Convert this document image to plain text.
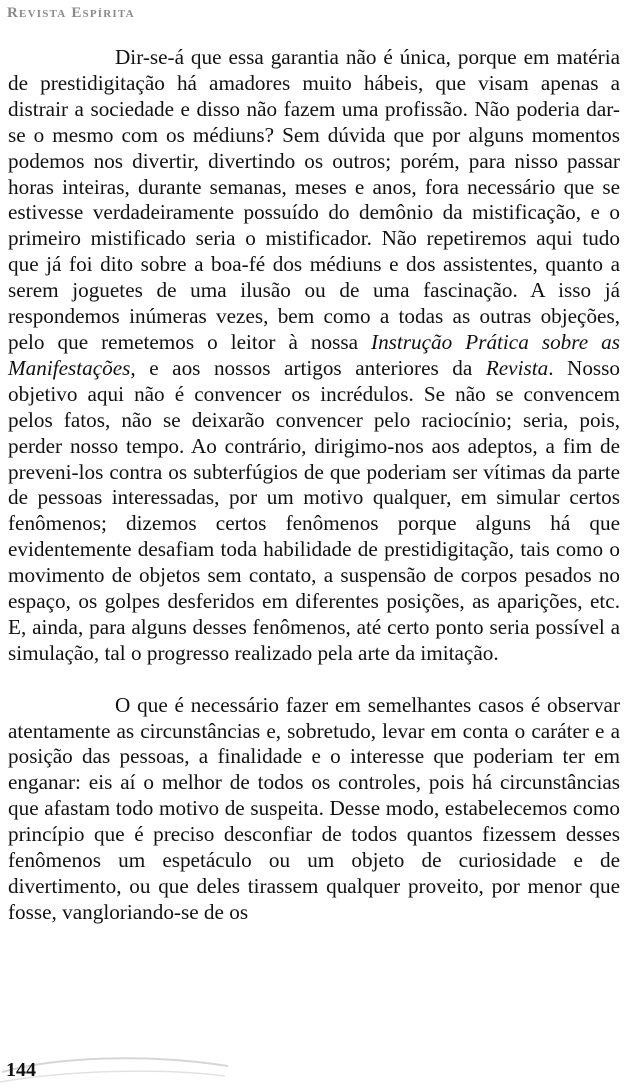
Revista Espírita

Dir-se-á que essa garantia não é única, porque em matéria de prestidigitação há amadores muito hábeis, que visam apenas a distrair a sociedade e disso não fazem uma profissão. Não poderia dar-se o mesmo com os médiuns? Sem dúvida que por alguns momentos podemos nos divertir, divertindo os outros; porém, para nisso passar horas inteiras, durante semanas, meses e anos, fora necessário que se estivesse verdadeiramente possuído do demônio da mistificação, e o primeiro mistificado seria o mistificador. Não repetiremos aqui tudo que já foi dito sobre a boa-fé dos médiuns e dos assistentes, quanto a serem joguetes de uma ilusão ou de uma fascinação. A isso já respondemos inúmeras vezes, bem como a todas as outras objeções, pelo que remetemos o leitor à nossa Instrução Prática sobre as Manifestações, e aos nossos artigos anteriores da Revista. Nosso objetivo aqui não é convencer os incrédulos. Se não se convencem pelos fatos, não se deixarão convencer pelo raciocínio; seria, pois, perder nosso tempo. Ao contrário, dirigimo-nos aos adeptos, a fim de preveni-los contra os subterfúgios de que poderiam ser vítimas da parte de pessoas interessadas, por um motivo qualquer, em simular certos fenômenos; dizemos certos fenômenos porque alguns há que evidentemente desafiam toda habilidade de prestidigitação, tais como o movimento de objetos sem contato, a suspensão de corpos pesados no espaço, os golpes desferidos em diferentes posições, as aparições, etc. E, ainda, para alguns desses fenômenos, até certo ponto seria possível a simulação, tal o progresso realizado pela arte da imitação.

O que é necessário fazer em semelhantes casos é observar atentamente as circunstâncias e, sobretudo, levar em conta o caráter e a posição das pessoas, a finalidade e o interesse que poderiam ter em enganar: eis aí o melhor de todos os controles, pois há circunstâncias que afastam todo motivo de suspeita. Desse modo, estabelecemos como princípio que é preciso desconfiar de todos quantos fizessem desses fenômenos um espetáculo ou um objeto de curiosidade e de divertimento, ou que deles tirassem qualquer proveito, por menor que fosse, vangloriando-se de os

144
